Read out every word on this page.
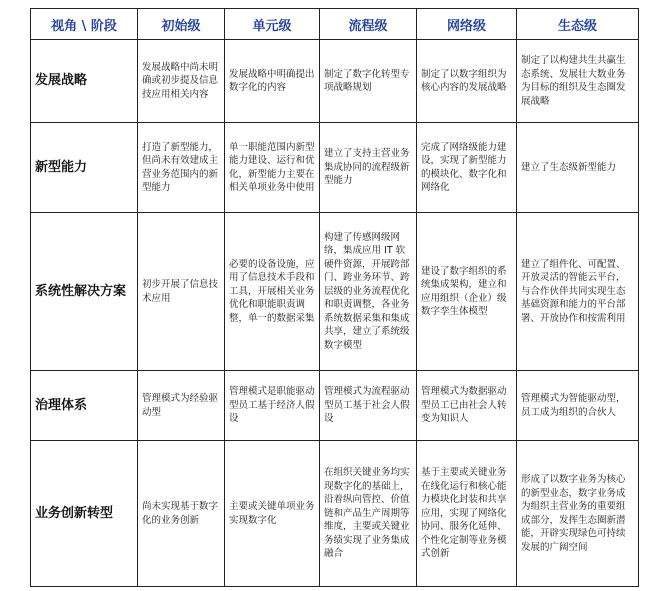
视角 \ 阶段	初始级	单元级	流程级	网络级	生态级
发展战略	发展战略中尚未明确或初步提及信息技应用相关内容	发展战略中明确提出数字化的内容	制定了数字化转型专项战略规划	制定了以数字组织为核心内容的发展战略	制定了以构建共生共赢生态系统、发展壮大数业务为目标的组织及生态圈发展战略
新型能力	打造了新型能力，但尚未有效建成主营业务范围内的新型能力	单一职能范围内新型能力建设、运行和优化，新型能力主要在相关单项业务中使用	建立了支持主营业务集成协同的流程级新型能力	完成了网络级能力建设，实现了新型能力的模块化、数字化和网络化	建立了生态级新型能力
系统性解决方案	初步开展了信息技术应用	必要的设备设施，应用了信息技术手段和工具，开展相关业务优化和职能职责调整，单一的数据采集	构建了传感网级网络，集成应用 IT 软硬件资源，开展跨部门、跨业务环节、跨层级的业务流程优化和职责调整，各业务系统数据采集和集成共享，建立了系统级数字模型	建设了数字组织的系统集成架构，建立和应用组织（企业）级数字孪生体模型	建立了组件化、可配置、开放灵活的智能云平台，与合作伙伴共同实现生态基础资源和能力的平台部署、开放协作和按需利用
治理体系	管理模式为经验驱动型	管理模式是职能驱动型员工基于经济人假设	管理模式为流程驱动型员工基于社会人假设	管理模式为数据驱动型员工已由社会人转变为知识人	管理模式为智能驱动型，员工成为组织的合伙人
业务创新转型	尚未实现基于数字化的业务创新	主要或关键单项业务实现数字化	在组织关键业务均实现数字化的基础上，沿着纵向管控、价值链和产品生产周期等维度，主要或关键业务绩实现了业务集成融合	基于主要或关键业务在线化运行和核心能力模块化封装和共享应用，实现了网络化协同、服务化延伸、个性化定制等业务模式创新	形成了以数字业务为核心的新型业态，数字业务成为组织主营业务的重要组成部分，发挥生态圈新潜能，开辟实现绿色可持续发展的广阔空间
